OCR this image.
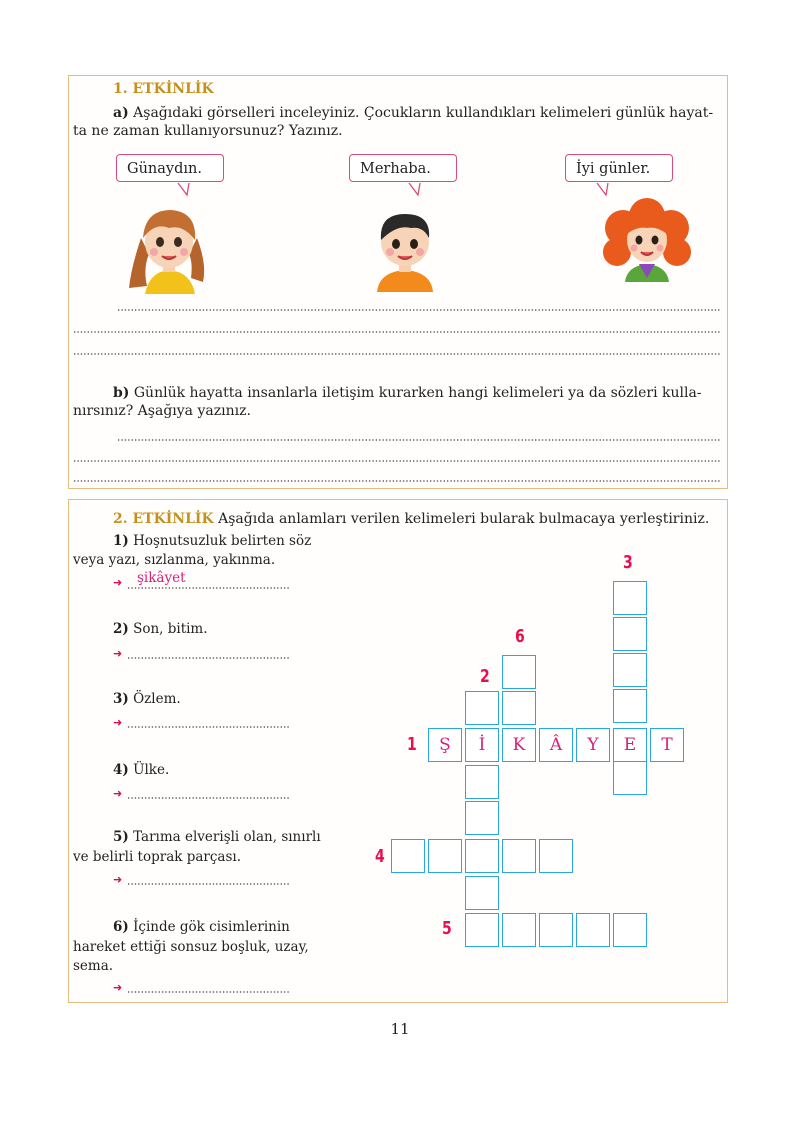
1. ETKİNLİK
a) Aşağıdaki görselleri inceleyiniz. Çocukların kullandıkları kelimeleri günlük hayat-
ta ne zaman kullanıyorsunuz? Yazınız.
Günaydın.	Merhaba.	İyi günler.
b) Günlük hayatta insanlarla iletişim kurarken hangi kelimeleri ya da sözleri kulla-
nırsınız? Aşağıya yazınız.
2. ETKİNLİK Aşağıda anlamları verilen kelimeleri bularak bulmacaya yerleştiriniz.
1) Hoşnutsuzluk belirten söz
veya yazı, sızlanma, yakınma.
➜ şikâyet
2) Son, bitim.
➜
3) Özlem.
➜
4) Ülke.
➜
5) Tarıma elverişli olan, sınırlı
ve belirli toprak parçası.
➜
6) İçinde gök cisimlerinin
hareket ettiği sonsuz boşluk, uzay,
sema.
➜
3
6
2
1
4
5
Ş	İ	K	Â	Y	E	T
11
